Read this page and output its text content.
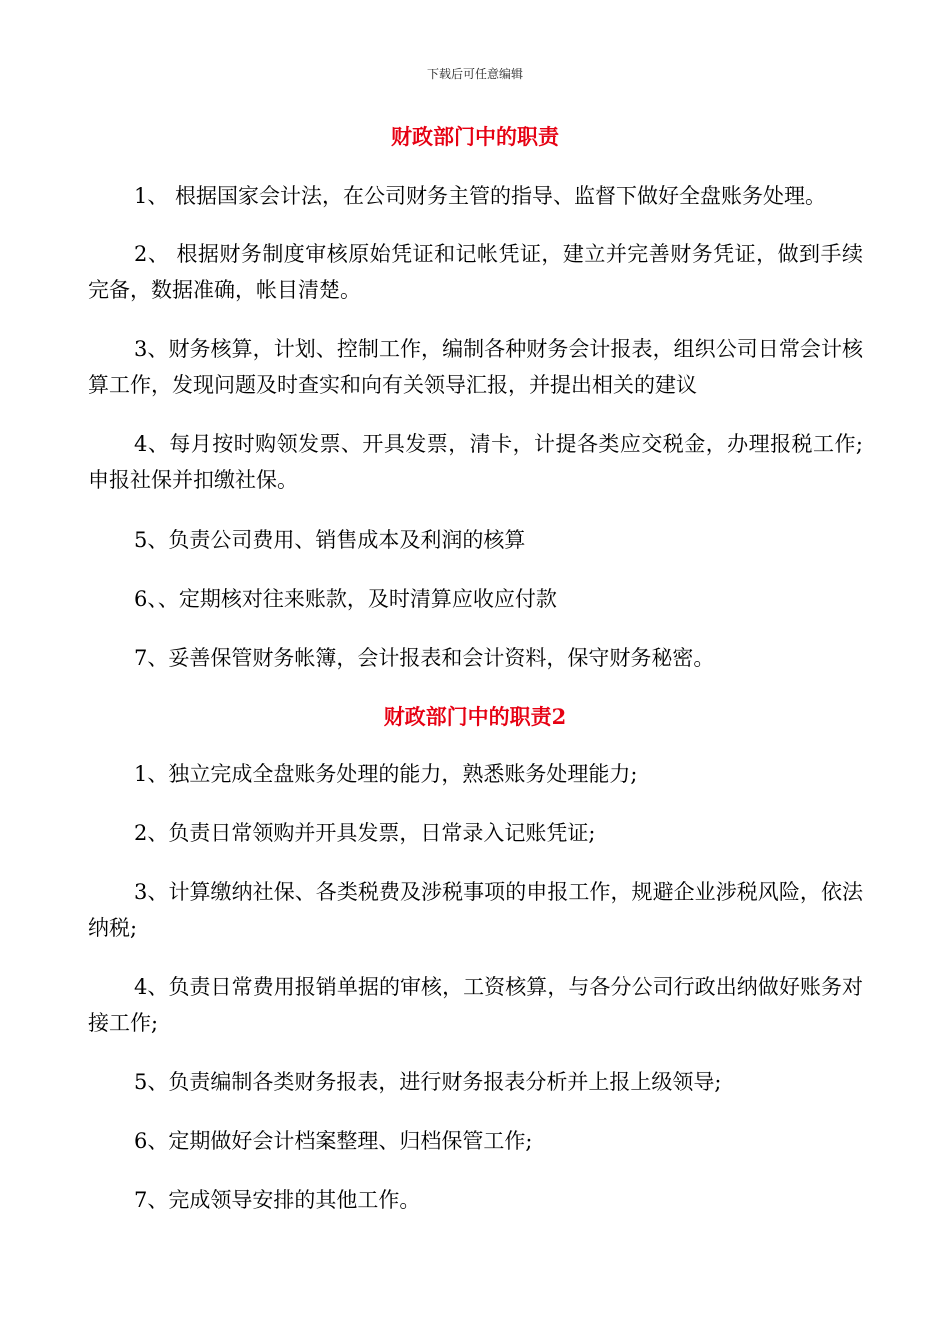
下载后可任意编辑
财政部门中的职责
1、 根据国家会计法，在公司财务主管的指导、监督下做好全盘账务处理。
2、 根据财务制度审核原始凭证和记帐凭证，建立并完善财务凭证，做到手续完备，数据准确，帐目清楚。
3、财务核算，计划、控制工作，编制各种财务会计报表，组织公司日常会计核算工作，发现问题及时查实和向有关领导汇报，并提出相关的建议
4、每月按时购领发票、开具发票，清卡，计提各类应交税金，办理报税工作;申报社保并扣缴社保。
5、负责公司费用、销售成本及利润的核算
6、、定期核对往来账款，及时清算应收应付款
7、妥善保管财务帐簿，会计报表和会计资料，保守财务秘密。
财政部门中的职责2
1、独立完成全盘账务处理的能力，熟悉账务处理能力;
2、负责日常领购并开具发票，日常录入记账凭证;
3、计算缴纳社保、各类税费及涉税事项的申报工作，规避企业涉税风险，依法纳税;
4、负责日常费用报销单据的审核，工资核算，与各分公司行政出纳做好账务对接工作;
5、负责编制各类财务报表，进行财务报表分析并上报上级领导;
6、定期做好会计档案整理、归档保管工作;
7、完成领导安排的其他工作。
